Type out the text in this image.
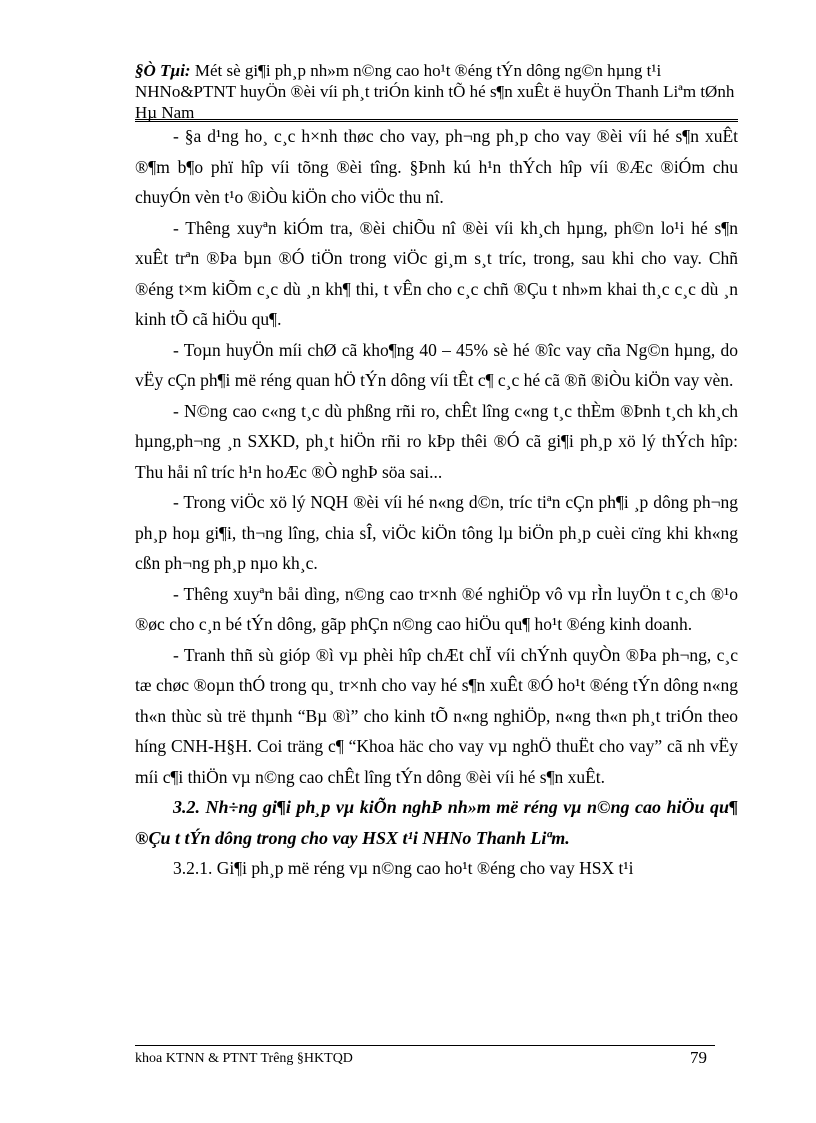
§Ò Tµi: Mét sè gi¶i ph¸p nh»m n©ng cao ho¹t ®éng tÝn dông ng©n hµng t¹i NHNo&PTNT huyÖn ®èi víi ph¸t triÓn kinh tÕ hé s¶n xuÊt ë huyÖn Thanh Liªm tØnh Hµ Nam

- §a d¹ng ho¸ c¸c h×nh thøc cho vay, ph¬ng ph¸p cho vay ®èi víi hé s¶n xuÊt ®¶m b¶o phï hîp víi tõng ®èi tîng. §Þnh kú h¹n thÝch hîp víi ®Æc ®iÓm chu chuyÓn vèn t¹o ®iÒu kiÖn cho viÖc thu nî.

- Thêng xuyªn kiÓm tra, ®èi chiÕu nî ®èi víi kh¸ch hµng, ph©n lo¹i hé s¶n xuÊt trªn ®Þa bµn ®Ó tiÖn trong viÖc gi¸m s¸t tríc, trong, sau khi cho vay. Chñ ®éng t×m kiÕm c¸c dù ¸n kh¶ thi, t vÊn cho c¸c chñ ®Çu t nh»m khai th¸c c¸c dù ¸n kinh tÕ cã hiÖu qu¶.

- Toµn huyÖn míi chØ cã kho¶ng 40 – 45% sè hé ®îc vay cña Ng©n hµng, do vËy cÇn ph¶i më réng quan hÖ tÝn dông víi tÊt c¶ c¸c hé cã ®ñ ®iÒu kiÖn vay vèn.

- N©ng cao c«ng t¸c dù phßng rñi ro, chÊt lîng c«ng t¸c thÈm ®Þnh t¸ch kh¸ch hµng,ph¬ng ¸n SXKD, ph¸t hiÖn rñi ro kÞp thêi ®Ó cã gi¶i ph¸p xö lý thÝch hîp: Thu håi nî tríc h¹n hoÆc ®Ò nghÞ söa sai...

- Trong viÖc xö lý NQH ®èi víi hé n«ng d©n, tríc tiªn cÇn ph¶i ¸p dông ph¬ng ph¸p hoµ gi¶i, th¬ng lîng, chia sÎ, viÖc kiÖn tông lµ biÖn ph¸p cuèi cïng khi kh«ng cßn ph¬ng ph¸p nµo kh¸c.

- Thêng xuyªn båi dìng, n©ng cao tr×nh ®é nghiÖp vô vµ rÌn luyÖn t c¸ch ®¹o ®øc cho c¸n bé tÝn dông, gãp phÇn n©ng cao hiÖu qu¶ ho¹t ®éng kinh doanh.

- Tranh thñ sù gióp ®ì vµ phèi hîp chÆt chÏ víi chÝnh quyÒn ®Þa ph¬ng, c¸c tæ chøc ®oµn thÓ trong qu¸ tr×nh cho vay hé s¶n xuÊt ®Ó ho¹t ®éng tÝn dông n«ng th«n thùc sù trë thµnh “Bµ ®ì” cho kinh tÕ n«ng nghiÖp, n«ng th«n ph¸t triÓn theo híng CNH-H§H. Coi träng c¶ “Khoa häc cho vay vµ nghÖ thuËt cho vay” cã nh vËy míi c¶i thiÖn vµ n©ng cao chÊt lîng tÝn dông ®èi víi hé s¶n xuÊt.

3.2. Nh÷ng gi¶i ph¸p vµ kiÕn nghÞ nh»m më réng vµ n©ng cao hiÖu qu¶ ®Çu t tÝn dông trong cho vay HSX t¹i NHNo Thanh Liªm.

3.2.1. Gi¶i ph¸p më réng vµ n©ng cao ho¹t ®éng cho vay HSX t¹i

khoa KTNN & PTNT Trêng §HKTQD	79
